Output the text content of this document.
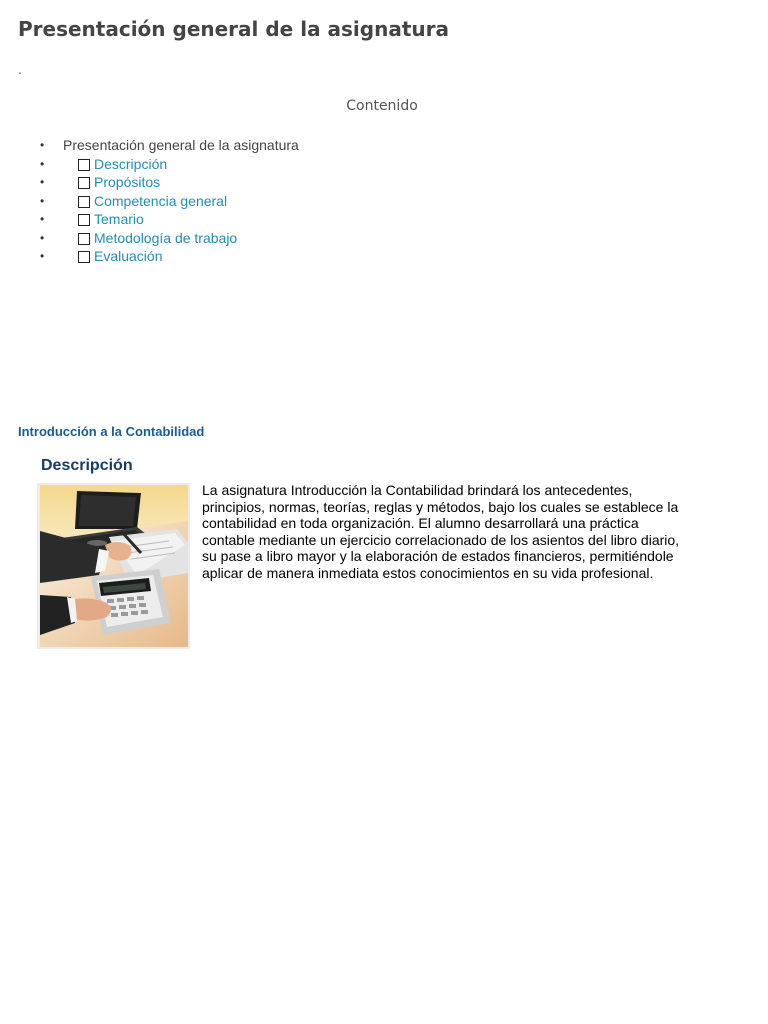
Presentación general de la asignatura
.
Contenido
• Presentación general de la asignatura
•	Descripción
•	Propósitos
•	Competencia general
•	Temario
•	Metodología de trabajo
•	Evaluación
Introducción a la Contabilidad
Descripción

La asignatura Introducción la Contabilidad brindará los antecedentes, principios, normas, teorías, reglas y métodos, bajo los cuales se establece la contabilidad en toda organización. El alumno desarrollará una práctica contable mediante un ejercicio correlacionado de los asientos del libro diario, su pase a libro mayor y la elaboración de estados financieros, permitiéndole aplicar de manera inmediata estos conocimientos en su vida profesional.
